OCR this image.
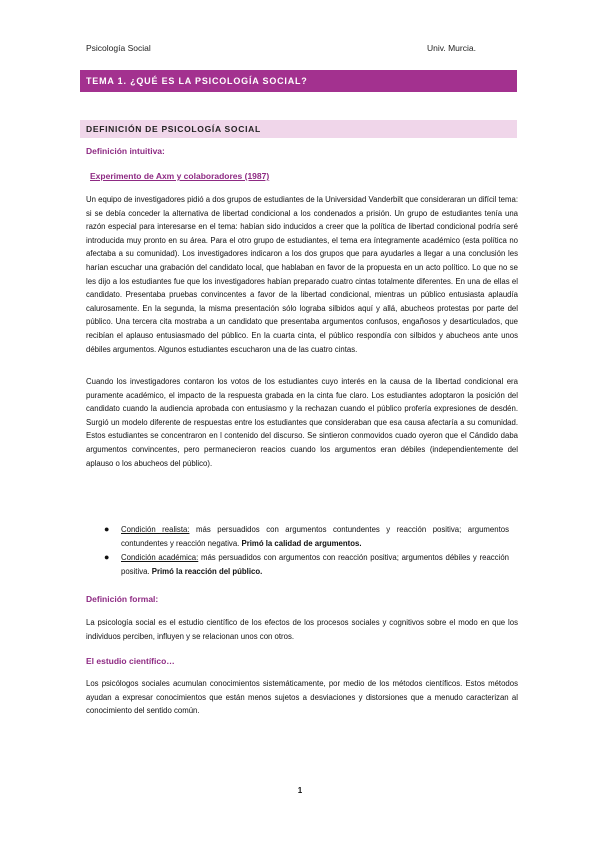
Psicología Social	Univ. Murcia.
TEMA 1. ¿QUÉ ES LA PSICOLOGÍA SOCIAL?
DEFINICIÓN DE PSICOLOGÍA SOCIAL
Definición intuitiva:
Experimento de Axm y colaboradores (1987)
Un equipo de investigadores pidió a dos grupos de estudiantes de la Universidad Vanderbilt que consideraran un difícil tema: si se debía conceder la alternativa de libertad condicional a los condenados a prisión. Un grupo de estudiantes tenía una razón especial para interesarse en el tema: habían sido inducidos a creer que la política de libertad condicional podría seré introducida muy pronto en su área. Para el otro grupo de estudiantes, el tema era íntegramente académico (esta política no afectaba a su comunidad). Los investigadores indicaron a los dos grupos que para ayudarles a llegar a una conclusión les harían escuchar una grabación del candidato local, que hablaban en favor de la propuesta en un acto político. Lo que no se les dijo a los estudiantes fue que los investigadores habían preparado cuatro cintas totalmente diferentes. En una de ellas el candidato. Presentaba pruebas convincentes a favor de la libertad condicional, mientras un público entusiasta aplaudía calurosamente. En la segunda, la misma presentación sólo lograba silbidos aquí y allá, abucheos protestas por parte del público. Una tercera cita mostraba a un candidato que presentaba argumentos confusos, engañosos y desarticulados, que recibían el aplauso entusiasmado del público. En la cuarta cinta, el público respondía con silbidos y abucheos ante unos débiles argumentos. Algunos estudiantes escucharon una de las cuatro cintas.
Cuando los investigadores contaron los votos de los estudiantes cuyo interés en la causa de la libertad condicional era puramente académico, el impacto de la respuesta grabada en la cinta fue claro. Los estudiantes adoptaron la posición del candidato cuando la audiencia aprobada con entusiasmo y la rechazan cuando el público profería expresiones de desdén. Surgió un modelo diferente de respuestas entre los estudiantes que consideraban que esa causa afectaría a su comunidad. Estos estudiantes se concentraron en l contenido del discurso. Se sintieron conmovidos cuado oyeron que el Cándido daba argumentos convincentes, pero permanecieron reacios cuando los argumentos eran débiles (independientemente del aplauso o los abucheos del público).
● Condición realista: más persuadidos con argumentos contundentes y reacción positiva; argumentos contundentes y reacción negativa. Primó la calidad de argumentos.
● Condición académica: más persuadidos con argumentos con reacción positiva; argumentos débiles y reacción positiva. Primó la reacción del público.
Definición formal:
La psicología social es el estudio científico de los efectos de los procesos sociales y cognitivos sobre el modo en que los individuos perciben, influyen y se relacionan unos con otros.
El estudio científico…
Los psicólogos sociales acumulan conocimientos sistemáticamente, por medio de los métodos científicos. Estos métodos ayudan a expresar conocimientos que están menos sujetos a desviaciones y distorsiones que a menudo caracterizan al conocimiento del sentido común.
1
